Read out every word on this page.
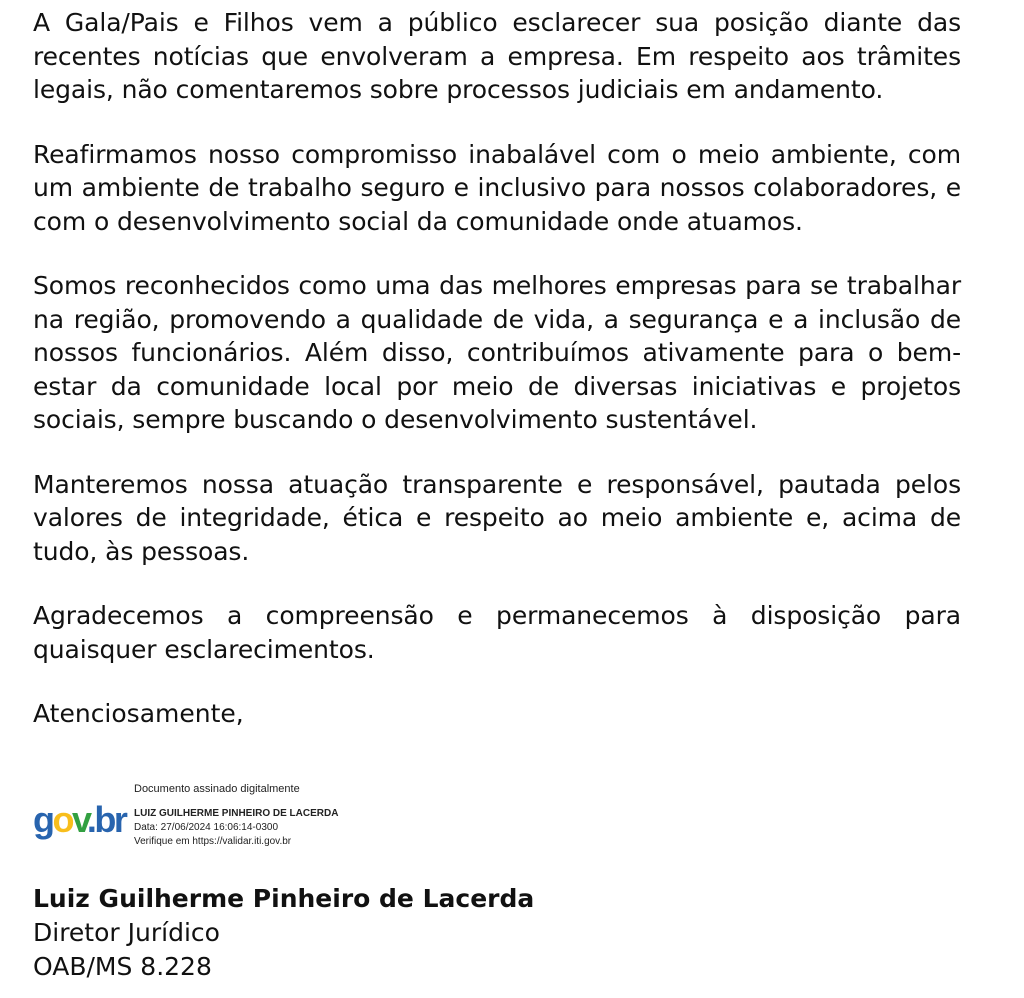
A Gala/Pais e Filhos vem a público esclarecer sua posição diante das recentes notícias que envolveram a empresa. Em respeito aos trâmites legais, não comentaremos sobre processos judiciais em andamento.

Reafirmamos nosso compromisso inabalável com o meio ambiente, com um ambiente de trabalho seguro e inclusivo para nossos colaboradores, e com o desenvolvimento social da comunidade onde atuamos.

Somos reconhecidos como uma das melhores empresas para se trabalhar na região, promovendo a qualidade de vida, a segurança e a inclusão de nossos funcionários. Além disso, contribuímos ativamente para o bem-estar da comunidade local por meio de diversas iniciativas e projetos sociais, sempre buscando o desenvolvimento sustentável.

Manteremos nossa atuação transparente e responsável, pautada pelos valores de integridade, ética e respeito ao meio ambiente e, acima de tudo, às pessoas.

Agradecemos a compreensão e permanecemos à disposição para quaisquer esclarecimentos.

Atenciosamente,

Documento assinado digitalmente
gov.br LUIZ GUILHERME PINHEIRO DE LACERDA
Data: 27/06/2024 16:06:14-0300
Verifique em https://validar.iti.gov.br
Luiz Guilherme Pinheiro de Lacerda
Diretor Jurídico
OAB/MS 8.228
